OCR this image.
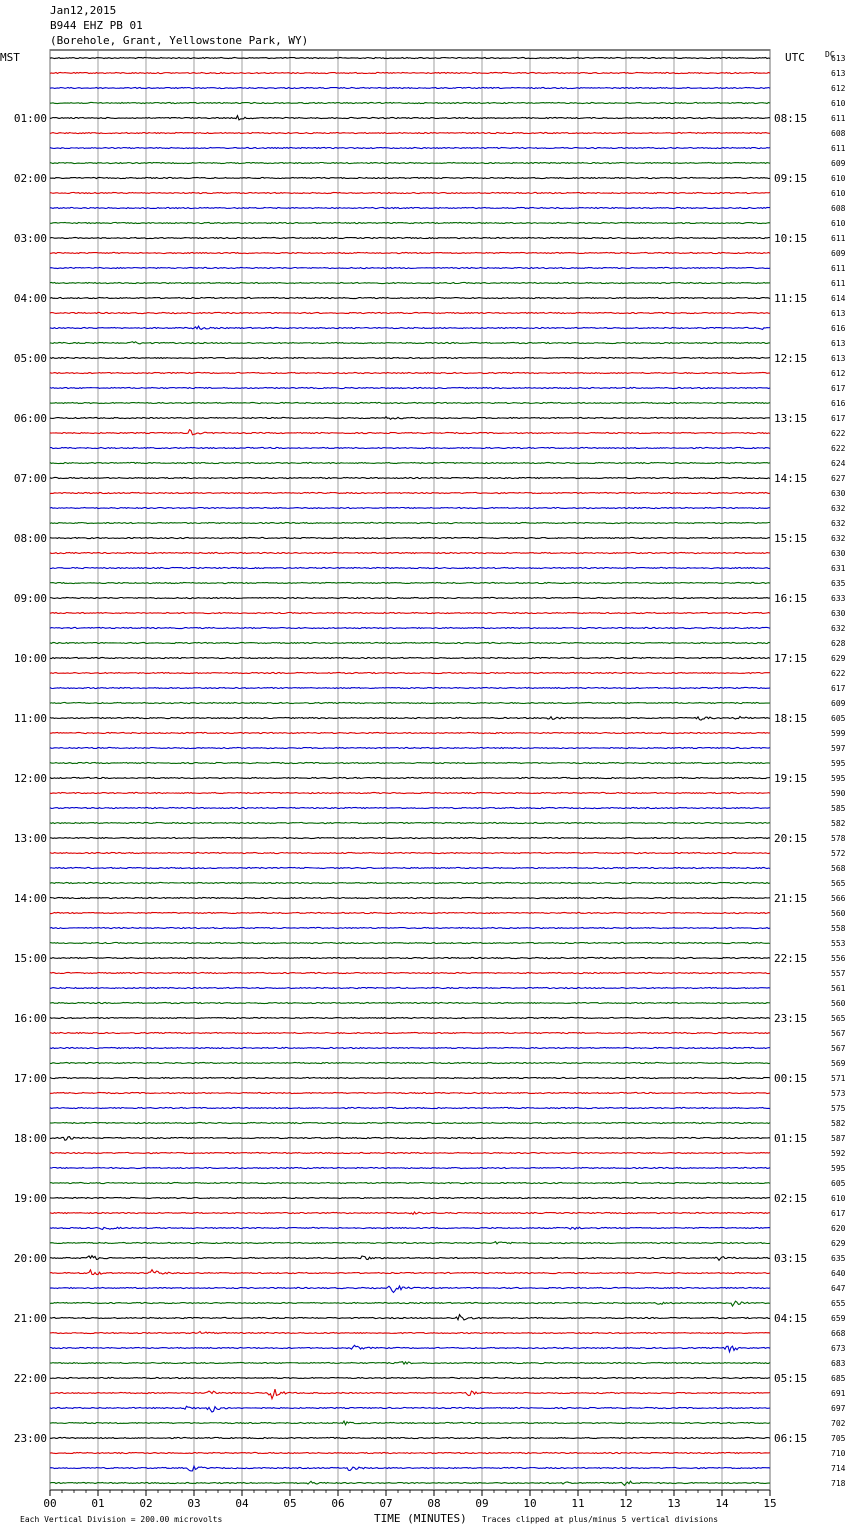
Jan12,2015
B944 EHZ PB 01
(Borehole, Grant, Yellowstone Park, WY)
00	01	02	03	04	05	06	07	08	09	10	11	12	13	14	15
613
613
612
610
611
608
611
609
610
610
608
610
611
609
611
611
614
613
616
613
613
612
617
616
617
622
622
624
627
630
632
632
632
630
631
635
633
630
632
628
629
622
617
609
605
599
597
595
595
590
585
582
578
572
568
565
566
560
558
553
556
557
561
560
565
567
567
569
571
573
575
582
587
592
595
605
610
617
620
629
635
640
647
655
659
668
673
683
685
691
697
702
705
710
714
718
01:00
02:00
03:00
04:00
05:00
06:00
07:00
08:00
09:00
10:00
11:00
12:00
13:00
14:00
15:00
16:00
17:00
18:00
19:00
20:00
21:00
22:00
23:00
08:15
09:15
10:15
11:15
12:15
13:15
14:15
15:15
16:15
17:15
18:15
19:15
20:15
21:15
22:15
23:15
00:15
01:15
02:15
03:15
04:15
05:15
06:15
MST	UTC	DC
TIME (MINUTES)
Each Vertical Division = 200.00 microvolts	Traces clipped at plus/minus 5 vertical divisions
